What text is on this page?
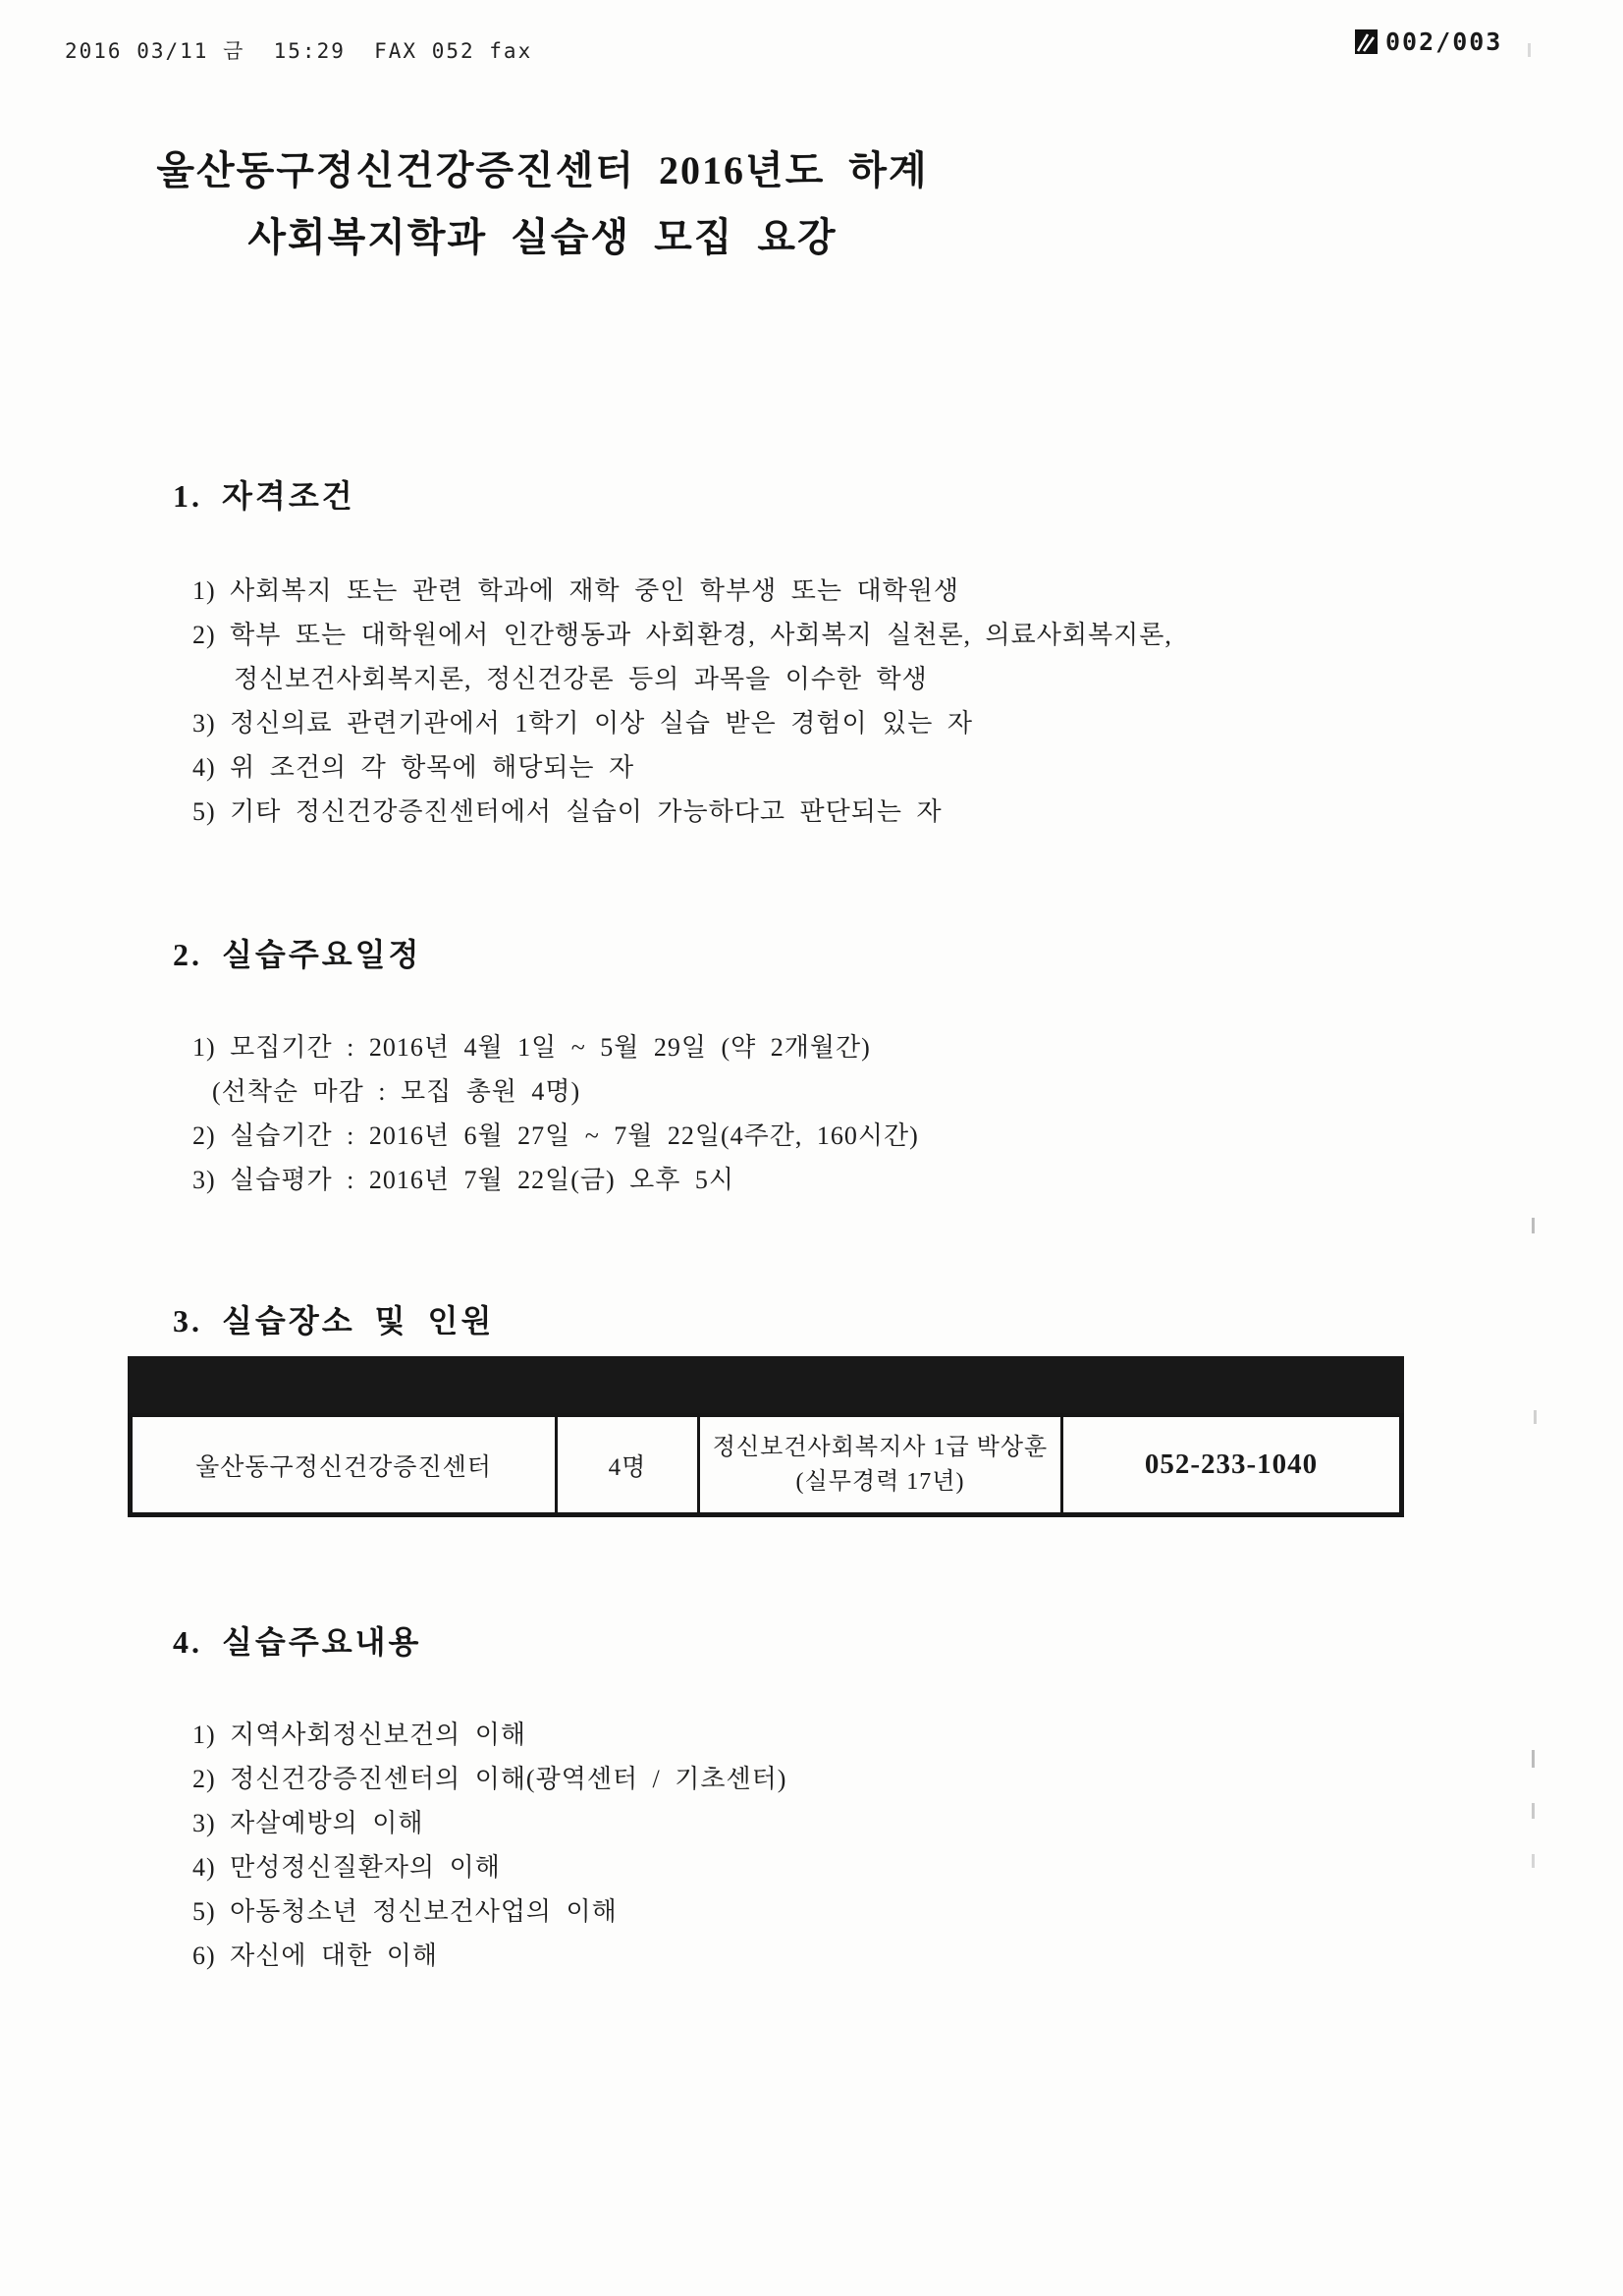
2016 03/11 금  15:29  FAX 052 fax	002/003
울산동구정신건강증진센터 2016년도 하계
사회복지학과 실습생 모집 요강
1. 자격조건
1) 사회복지 또는 관련 학과에 재학 중인 학부생 또는 대학원생
2) 학부 또는 대학원에서 인간행동과 사회환경, 사회복지 실천론, 의료사회복지론,
정신보건사회복지론, 정신건강론 등의 과목을 이수한 학생
3) 정신의료 관련기관에서 1학기 이상 실습 받은 경험이 있는 자
4) 위 조건의 각 항목에 해당되는 자
5) 기타 정신건강증진센터에서 실습이 가능하다고 판단되는 자
2. 실습주요일정
1) 모집기간 : 2016년 4월 1일 ~ 5월 29일 (약 2개월간)
(선착순 마감 : 모집 총원 4명)
2) 실습기간 : 2016년 6월 27일 ~ 7월 22일(4주간, 160시간)
3) 실습평가 : 2016년 7월 22일(금) 오후 5시
3. 실습장소 및 인원
울산동구정신건강증진센터	4명
정신보건사회복지사 1급 박상훈
(실무경력 17년)
052-233-1040
4. 실습주요내용
1) 지역사회정신보건의 이해
2) 정신건강증진센터의 이해(광역센터 / 기초센터)
3) 자살예방의 이해
4) 만성정신질환자의 이해
5) 아동청소년 정신보건사업의 이해
6) 자신에 대한 이해
